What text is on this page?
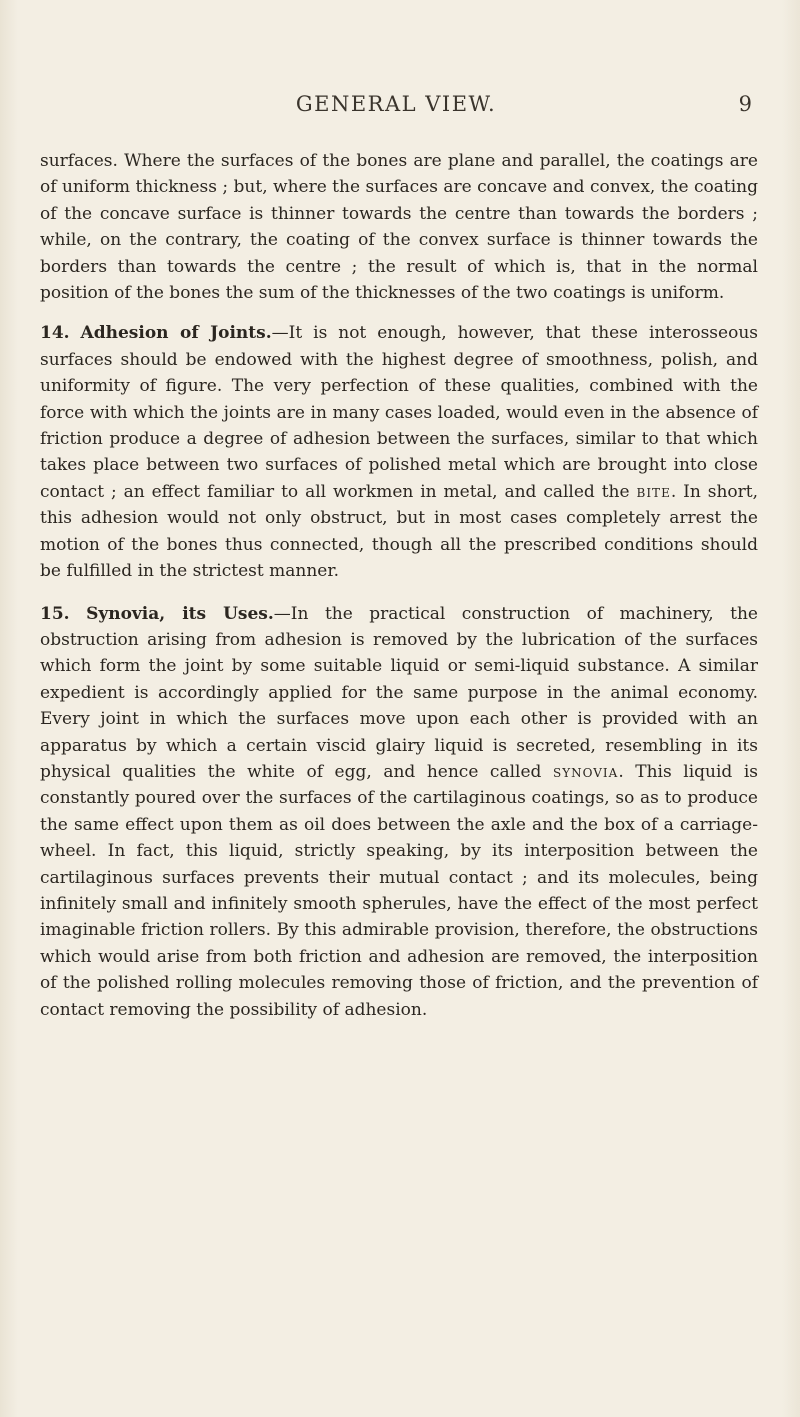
GENERAL VIEW.	9

surfaces. Where the surfaces of the bones are plane and parallel, the coatings are of uniform thickness ; but, where the surfaces are concave and convex, the coating of the concave surface is thinner towards the centre than towards the borders ; while, on the contrary, the coating of the convex surface is thinner towards the borders than towards the centre ; the result of which is, that in the normal position of the bones the sum of the thicknesses of the two coatings is uniform.

14. Adhesion of Joints.—It is not enough, however, that these interosseous surfaces should be endowed with the highest degree of smoothness, polish, and uniformity of figure. The very perfection of these qualities, combined with the force with which the joints are in many cases loaded, would even in the absence of friction produce a degree of adhesion between the surfaces, similar to that which takes place between two surfaces of polished metal which are brought into close contact ; an effect familiar to all workmen in metal, and called the bite. In short, this adhesion would not only obstruct, but in most cases completely arrest the motion of the bones thus connected, though all the prescribed conditions should be fulfilled in the strictest manner.

15. Synovia, its Uses.—In the practical construction of machinery, the obstruction arising from adhesion is removed by the lubrication of the surfaces which form the joint by some suitable liquid or semi-liquid substance. A similar expedient is accordingly applied for the same purpose in the animal economy. Every joint in which the surfaces move upon each other is provided with an apparatus by which a certain viscid glairy liquid is secreted, resembling in its physical qualities the white of egg, and hence called synovia. This liquid is constantly poured over the surfaces of the cartilaginous coatings, so as to produce the same effect upon them as oil does between the axle and the box of a carriage-wheel. In fact, this liquid, strictly speaking, by its interposition between the cartilaginous surfaces prevents their mutual contact ; and its molecules, being infinitely small and infinitely smooth spherules, have the effect of the most perfect imaginable friction rollers. By this admirable provision, therefore, the obstructions which would arise from both friction and adhesion are removed, the interposition of the polished rolling molecules removing those of friction, and the prevention of contact removing the possibility of adhesion.
